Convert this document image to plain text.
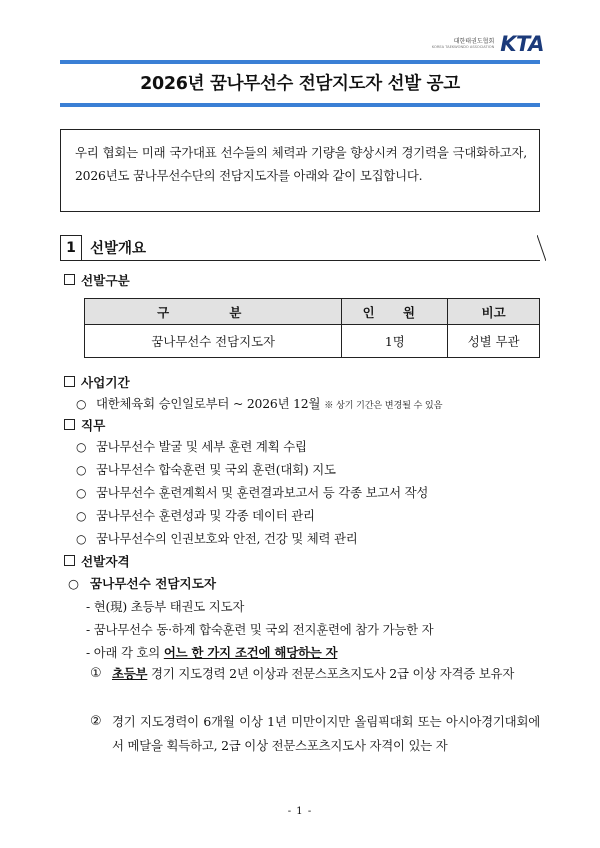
대한태권도협회
KOREA TAEKWONDO ASSOCIATION KTA
2026년 꿈나무선수 전담지도자 선발 공고
우리 협회는 미래 국가대표 선수들의 체력과 기량을 향상시켜 경기력을 극대화하고자, 2026년도 꿈나무선수단의 전담지도자를 아래와 같이 모집합니다.
1 선발개요
선발구분
구 분	인 원	비고
꿈나무선수 전담지도자	1명	성별 무관
사업기간
○ 대한체육회 승인일로부터 ~ 2026년 12월 ※ 상기 기간은 변경될 수 있음
직무
○ 꿈나무선수 발굴 및 세부 훈련 계획 수립
○ 꿈나무선수 합숙훈련 및 국외 훈련(대회) 지도
○ 꿈나무선수 훈련계획서 및 훈련결과보고서 등 각종 보고서 작성
○ 꿈나무선수 훈련성과 및 각종 데이터 관리
○ 꿈나무선수의 인권보호와 안전, 건강 및 체력 관리
선발자격
○ 꿈나무선수 전담지도자
- 현(現) 초등부 태권도 지도자
- 꿈나무선수 동·하계 합숙훈련 및 국외 전지훈련에 참가 가능한 자
- 아래 각 호의 어느 한 가지 조건에 해당하는 자
① 초등부 경기 지도경력 2년 이상과 전문스포츠지도사 2급 이상 자격증 보유자
② 경기 지도경력이 6개월 이상 1년 미만이지만 올림픽대회 또는 아시아경기대회에서 메달을 획득하고, 2급 이상 전문스포츠지도사 자격이 있는 자
- 1 -
